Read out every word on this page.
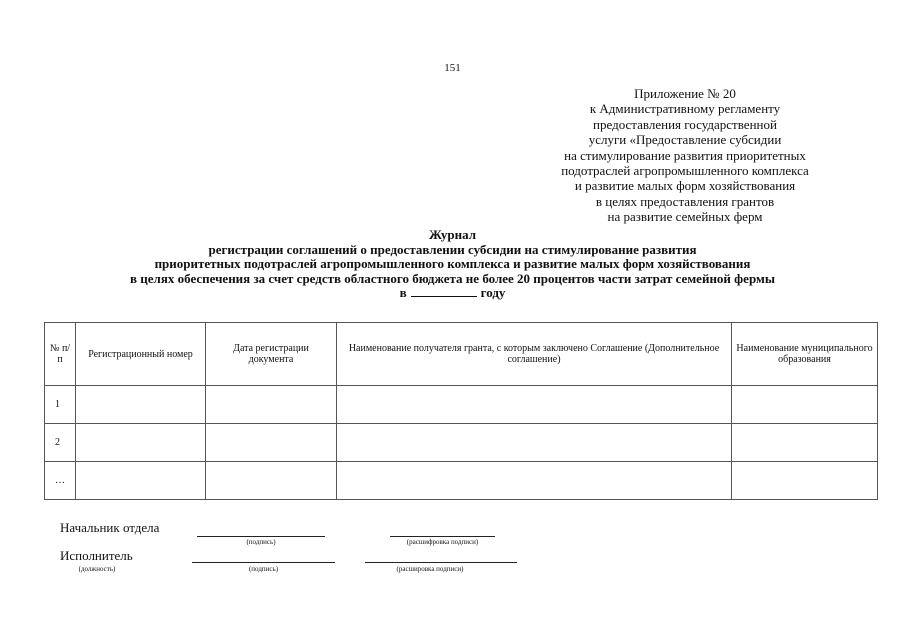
151
Приложение № 20
к Административному регламенту
предоставления государственной
услуги «Предоставление субсидии
на стимулирование развития приоритетных
подотраслей агропромышленного комплекса
и развитие малых форм хозяйствования
в целях предоставления грантов
на развитие семейных ферм
Журнал
регистрации соглашений о предоставлении субсидии на стимулирование развития
приоритетных подотраслей агропромышленного комплекса и развитие малых форм хозяйствования
в целях обеспечения за счет средств областного бюджета не более 20 процентов части затрат семейной фермы
в	году
№ п/п	Регистрационный номер	Дата регистрации документа	Наименование получателя гранта, с которым заключено Соглашение (Дополнительное соглашение)	Наименование муниципального образования
1				
2				
…				
Начальник отдела
(подпись)	(расшифровка подписи)
Исполнитель
(должность)	(подпись)	(расшировка подписи)
